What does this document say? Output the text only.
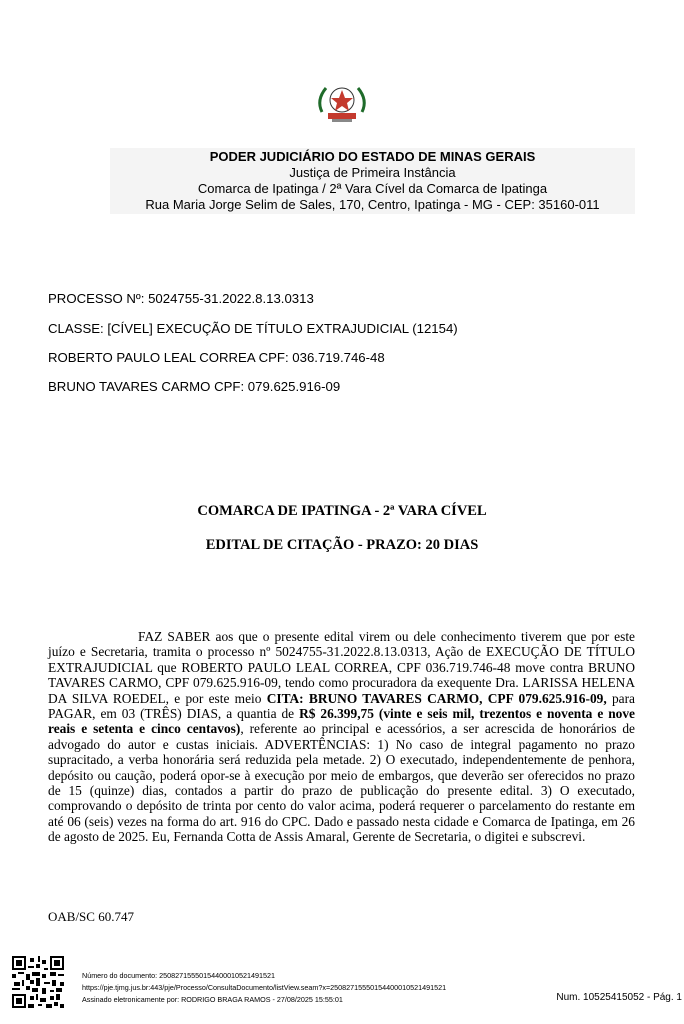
PODER JUDICIÁRIO DO ESTADO DE MINAS GERAIS
Justiça de Primeira Instância
Comarca de Ipatinga / 2ª Vara Cível da Comarca de Ipatinga
Rua Maria Jorge Selim de Sales, 170, Centro, Ipatinga - MG - CEP: 35160-011
PROCESSO Nº: 5024755-31.2022.8.13.0313
CLASSE: [CÍVEL] EXECUÇÃO DE TÍTULO EXTRAJUDICIAL (12154)
ROBERTO PAULO LEAL CORREA CPF: 036.719.746-48
BRUNO TAVARES CARMO CPF: 079.625.916-09
COMARCA DE IPATINGA - 2ª VARA CÍVEL
EDITAL DE CITAÇÃO - PRAZO: 20 DIAS
FAZ SABER aos que o presente edital virem ou dele conhecimento tiverem que por este juízo e Secretaria, tramita o processo nº 5024755-31.2022.8.13.0313, Ação de EXECUÇÃO DE TÍTULO EXTRAJUDICIAL que ROBERTO PAULO LEAL CORREA, CPF 036.719.746-48 move contra BRUNO TAVARES CARMO, CPF 079.625.916-09, tendo como procuradora da exequente Dra. LARISSA HELENA DA SILVA ROEDEL, e por este meio CITA: BRUNO TAVARES CARMO, CPF 079.625.916-09, para PAGAR, em 03 (TRÊS) DIAS, a quantia de R$ 26.399,75 (vinte e seis mil, trezentos e noventa e nove reais e setenta e cinco centavos), referente ao principal e acessórios, a ser acrescida de honorários de advogado do autor e custas iniciais. ADVERTÊNCIAS: 1) No caso de integral pagamento no prazo supracitado, a verba honorária será reduzida pela metade. 2) O executado, independentemente de penhora, depósito ou caução, poderá opor-se à execução por meio de embargos, que deverão ser oferecidos no prazo de 15 (quinze) dias, contados a partir do prazo de publicação do presente edital. 3) O executado, comprovando o depósito de trinta por cento do valor acima, poderá requerer o parcelamento do restante em até 06 (seis) vezes na forma do art. 916 do CPC. Dado e passado nesta cidade e Comarca de Ipatinga, em 26 de agosto de 2025. Eu, Fernanda Cotta de Assis Amaral, Gerente de Secretaria, o digitei e subscrevi.
OAB/SC 60.747
Número do documento: 25082715550154400010521491521
https://pje.tjmg.jus.br:443/pje/Processo/ConsultaDocumento/listView.seam?x=25082715550154400010521491521
Assinado eletronicamente por: RODRIGO BRAGA RAMOS - 27/08/2025 15:55:01	Num. 10525415052 - Pág. 1
